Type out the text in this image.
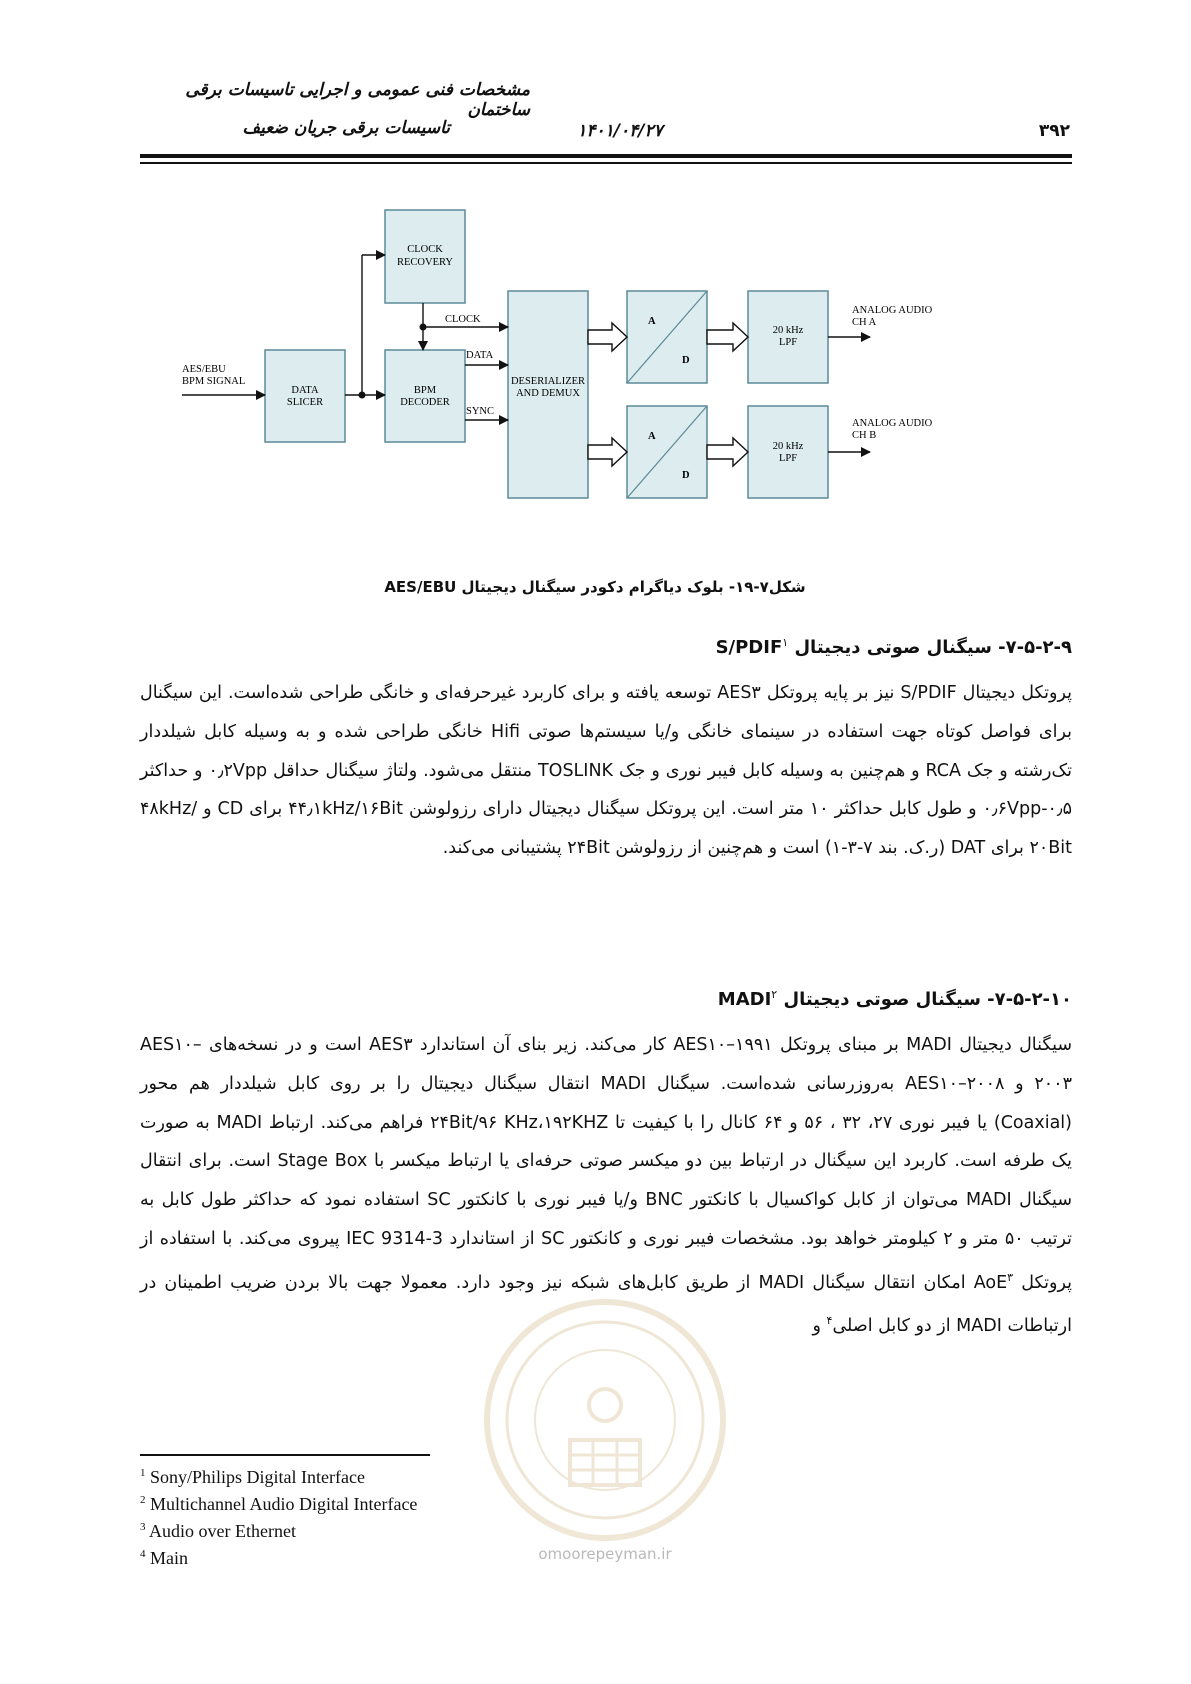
مشخصات فنی عمومی و اجرایی تاسیسات برقی ساختمان
تاسیسات برقی جریان ضعیف	۱۴۰۱/۰۴/۲۷	۳۹۲
AES/EBU
BPM SIGNAL
DATA
SLICER
CLOCK
RECOVERY
BPM
DECODER
CLOCK
DATA
SYNC
DESERIALIZER
AND DEMUX
A
D
A
D
20 kHz
LPF
20 kHz
LPF
ANALOG AUDIO
CH A
ANALOG AUDIO
CH B
شکل۷-۱۹- بلوک دیاگرام دکودر سیگنال دیجیتال AES/EBU
۷-۵-۲-۹- سیگنال صوتی دیجیتال S/PDIF$^۱$

پروتکل دیجیتال S/PDIF نیز بر پایه پروتکل AES۳ توسعه یافته و برای کاربرد غیرحرفه‌ای و خانگی طراحی شده‌است. این سیگنال برای فواصل کوتاه جهت استفاده در سینمای خانگی و/یا سیستم‌ها صوتی Hifi خانگی طراحی شده و به وسیله کابل شیلددار تک‌رشته و جک RCA و هم‌چنین به وسیله کابل فیبر نوری و جک TOSLINK منتقل می‌شود. ولتاژ سیگنال حداقل ۰٫۲Vpp و حداکثر ۰٫۵-۰٫۶Vpp و طول کابل حداکثر ۱۰ متر است. این پروتکل سیگنال دیجیتال دارای رزولوشن ۴۴٫۱kHz/۱۶Bit برای CD و ۴۸kHz/۲۰Bit برای DAT (ر.ک. بند ۷-۳-۱) است و هم‌چنین از رزولوشن ۲۴Bit پشتیبانی می‌کند.

۷-۵-۲-۱۰- سیگنال صوتی دیجیتال MADI$^۲$

سیگنال دیجیتال MADI بر مبنای پروتکل AES۱۰–۱۹۹۱ کار می‌کند. زیر بنای آن استاندارد AES۳ است و در نسخه‌های AES۱۰–۲۰۰۳ و AES۱۰–۲۰۰۸ به‌روزرسانی شده‌است. سیگنال MADI انتقال سیگنال دیجیتال را بر روی کابل شیلددار هم محور (Coaxial) یا فیبر نوری ۲۷، ۳۲ ، ۵۶ و ۶۴ کانال را با کیفیت تا ۲۴Bit/۹۶ KHz،۱۹۲KHZ فراهم می‌کند. ارتباط MADI به صورت یک طرفه است. کاربرد این سیگنال در ارتباط بین دو میکسر صوتی حرفه‌ای یا ارتباط میکسر با Stage Box است. برای انتقال سیگنال MADI می‌توان از کابل کواکسیال با کانکتور BNC و/یا فیبر نوری با کانکتور SC استفاده نمود که حداکثر طول کابل به ترتیب ۵۰ متر و ۲ کیلومتر خواهد بود. مشخصات فیبر نوری و کانکتور SC از استاندارد IEC 9314-3 پیروی می‌کند. با استفاده از پروتکل AoE$^۳$ امکان انتقال سیگنال MADI از طریق کابل‌های شبکه نیز وجود دارد. معمولا جهت بالا بردن ضریب اطمینان در ارتباطات MADI از دو کابل اصلی$^۴$ و

omoorepeyman.ir
$^1$ Sony/Philips Digital Interface
$^2$ Multichannel Audio Digital Interface
$^3$ Audio over Ethernet
$^4$ Main
